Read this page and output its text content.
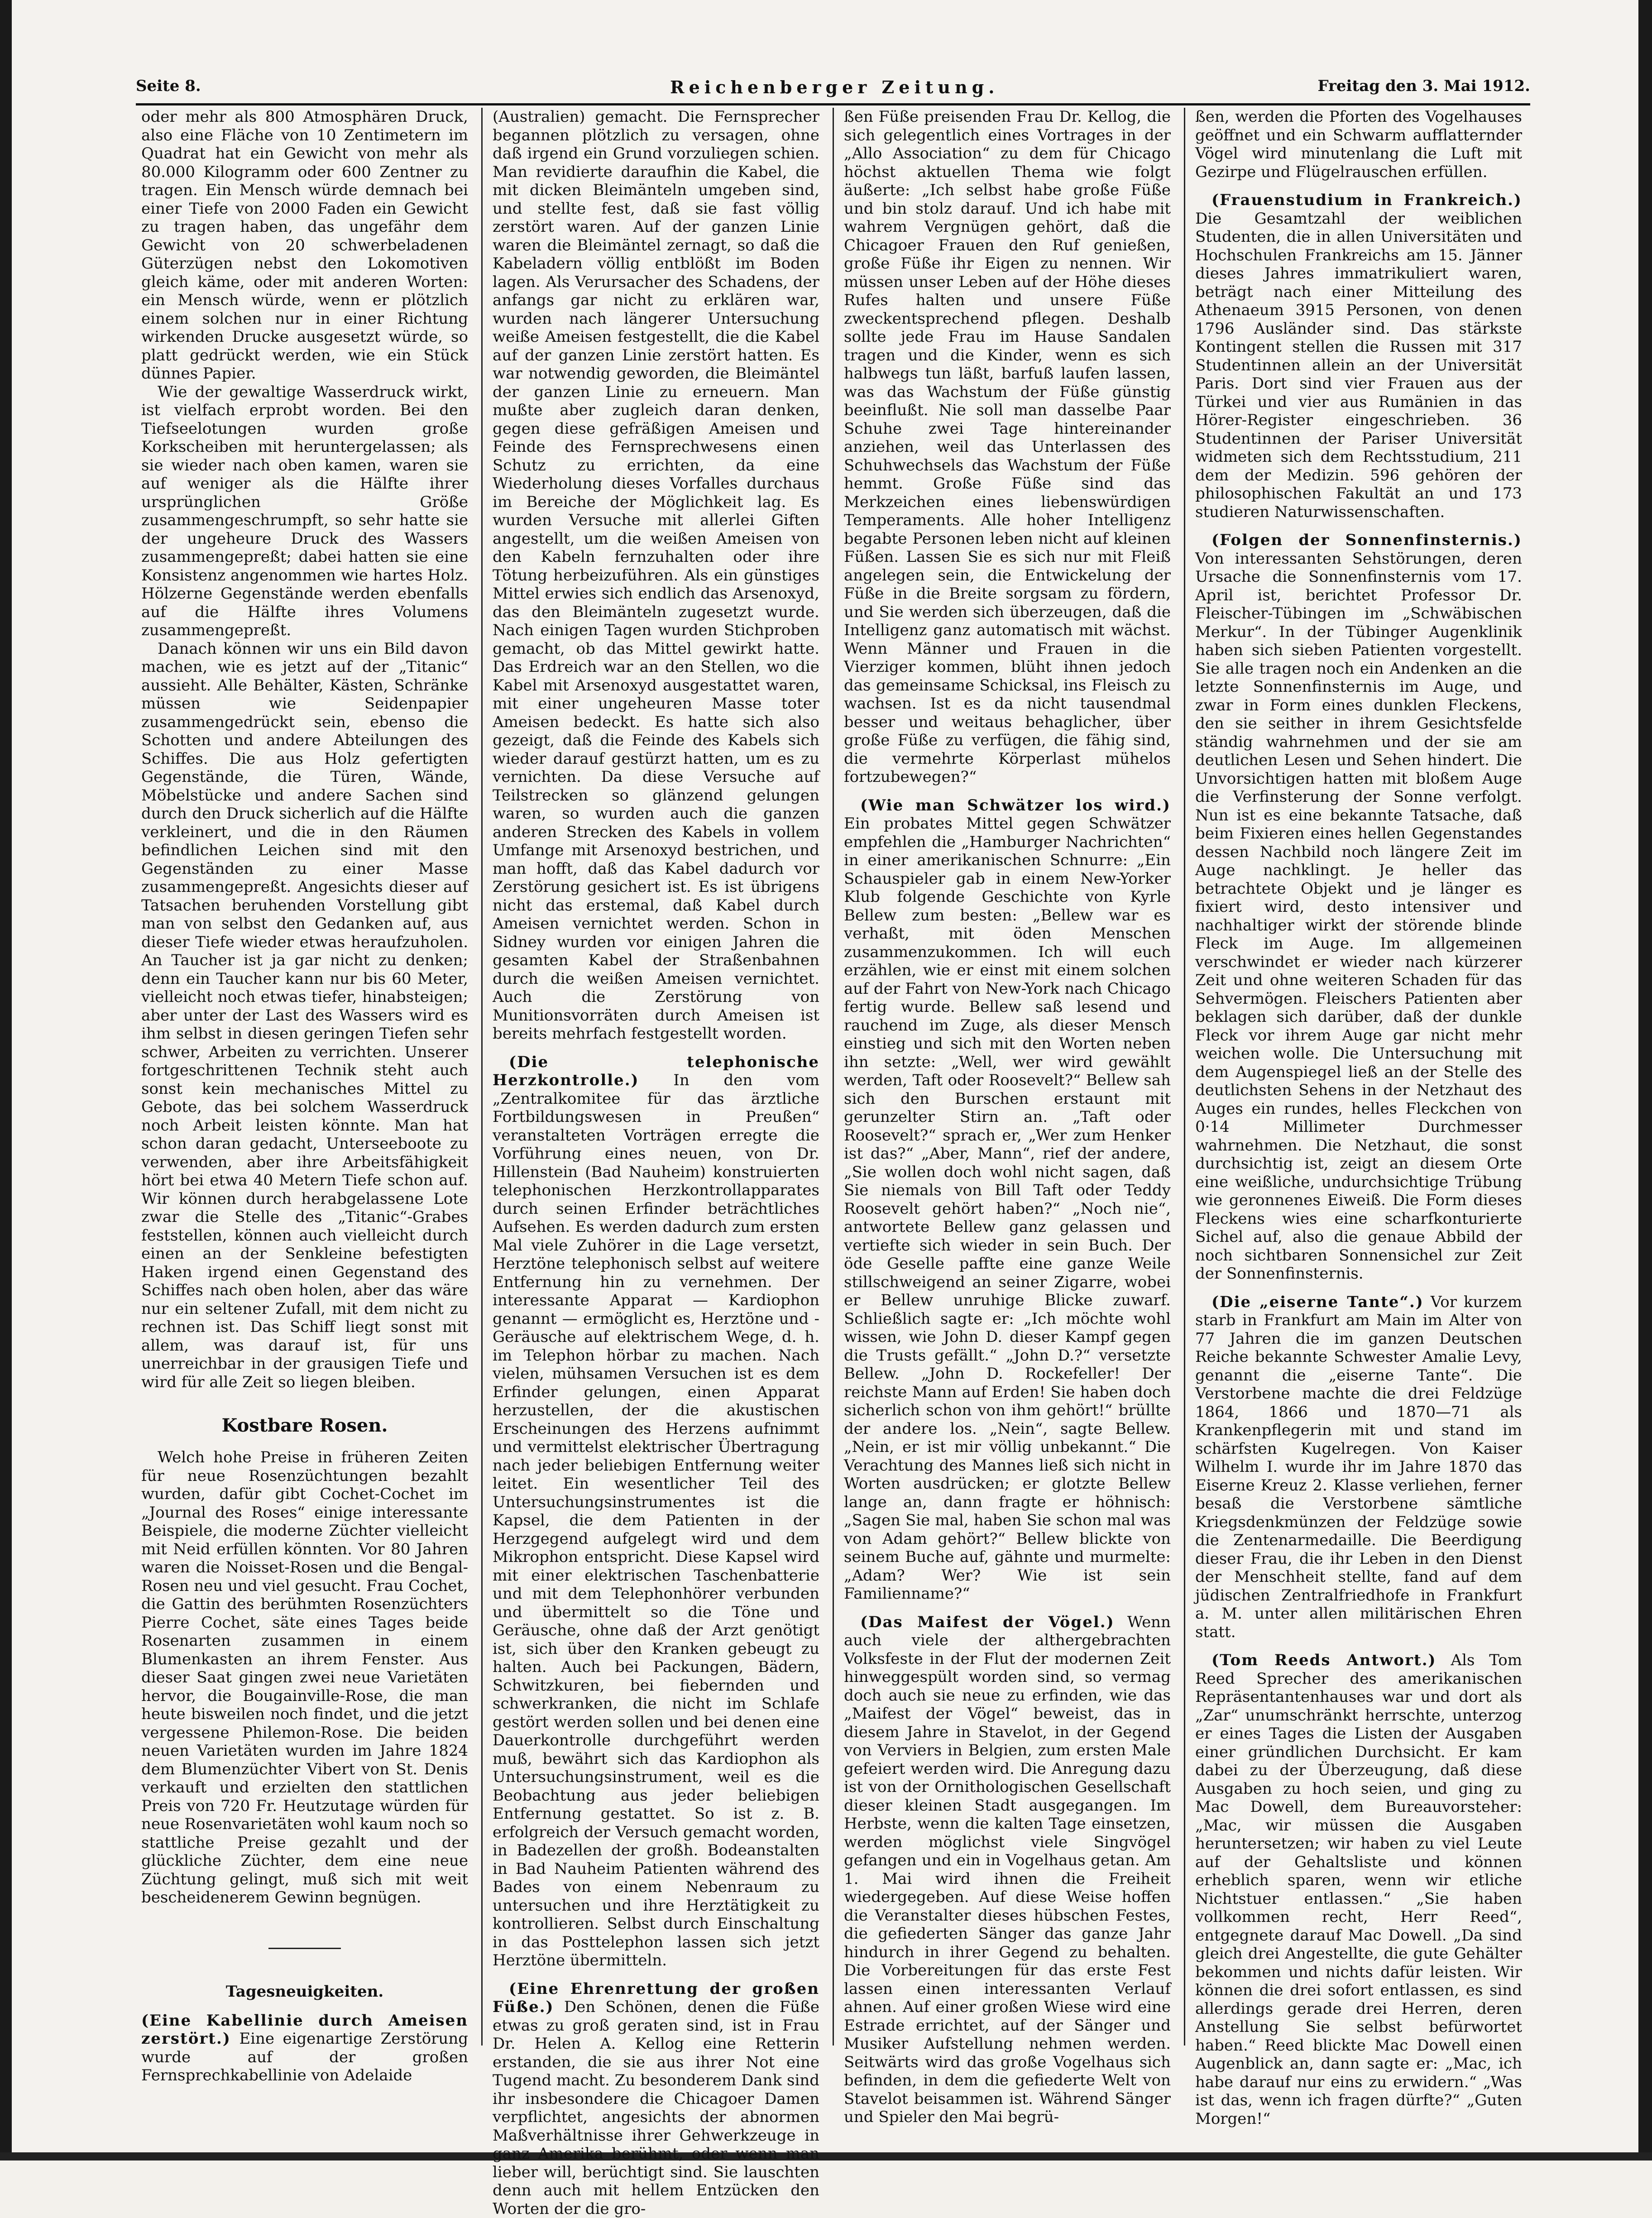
Seite 8.	Reichenberger Zeitung.	Freitag den 3. Mai 1912.

oder mehr als 800 Atmosphären Druck, also eine Fläche von 10 Zentimetern im Quadrat hat ein Gewicht von mehr als 80.000 Kilogramm oder 600 Zentner zu tragen. Ein Mensch würde demnach bei einer Tiefe von 2000 Faden ein Gewicht zu tragen haben, das ungefähr dem Gewicht von 20 schwerbeladenen Güterzügen nebst den Lokomotiven gleich käme, oder mit anderen Worten: ein Mensch würde, wenn er plötzlich einem solchen nur in einer Richtung wirkenden Drucke ausgesetzt würde, so platt gedrückt werden, wie ein Stück dünnes Papier.

Wie der gewaltige Wasserdruck wirkt, ist vielfach erprobt worden. Bei den Tiefseelotungen wurden große Korkscheiben mit heruntergelassen; als sie wieder nach oben kamen, waren sie auf weniger als die Hälfte ihrer ursprünglichen Größe zusammengeschrumpft, so sehr hatte sie der ungeheure Druck des Wassers zusammengepreßt; dabei hatten sie eine Konsistenz angenommen wie hartes Holz. Hölzerne Gegenstände werden ebenfalls auf die Hälfte ihres Volumens zusammengepreßt.

Danach können wir uns ein Bild davon machen, wie es jetzt auf der „Titanic“ aussieht. Alle Behälter, Kästen, Schränke müssen wie Seidenpapier zusammengedrückt sein, ebenso die Schotten und andere Abteilungen des Schiffes. Die aus Holz gefertigten Gegenstände, die Türen, Wände, Möbelstücke und andere Sachen sind durch den Druck sicherlich auf die Hälfte verkleinert, und die in den Räumen befindlichen Leichen sind mit den Gegenständen zu einer Masse zusammengepreßt. Angesichts dieser auf Tatsachen beruhenden Vorstellung gibt man von selbst den Gedanken auf, aus dieser Tiefe wieder etwas heraufzuholen. An Taucher ist ja gar nicht zu denken; denn ein Taucher kann nur bis 60 Meter, vielleicht noch etwas tiefer, hinabsteigen; aber unter der Last des Wassers wird es ihm selbst in diesen geringen Tiefen sehr schwer, Arbeiten zu verrichten. Unserer fortgeschrittenen Technik steht auch sonst kein mechanisches Mittel zu Gebote, das bei solchem Wasserdruck noch Arbeit leisten könnte. Man hat schon daran gedacht, Unterseeboote zu verwenden, aber ihre Arbeitsfähigkeit hört bei etwa 40 Metern Tiefe schon auf. Wir können durch herabgelassene Lote zwar die Stelle des „Titanic“-Grabes feststellen, können auch vielleicht durch einen an der Senkleine befestigten Haken irgend einen Gegenstand des Schiffes nach oben holen, aber das wäre nur ein seltener Zufall, mit dem nicht zu rechnen ist. Das Schiff liegt sonst mit allem, was darauf ist, für uns unerreichbar in der grausigen Tiefe und wird für alle Zeit so liegen bleiben.

Kostbare Rosen.

Welch hohe Preise in früheren Zeiten für neue Rosenzüchtungen bezahlt wurden, dafür gibt Cochet-Cochet im „Journal des Roses“ einige interessante Beispiele, die moderne Züchter vielleicht mit Neid erfüllen könnten. Vor 80 Jahren waren die Noisset-Rosen und die Bengal-Rosen neu und viel gesucht. Frau Cochet, die Gattin des berühmten Rosenzüchters Pierre Cochet, säte eines Tages beide Rosenarten zusammen in einem Blumenkasten an ihrem Fenster. Aus dieser Saat gingen zwei neue Varietäten hervor, die Bougainville-Rose, die man heute bisweilen noch findet, und die jetzt vergessene Philemon-Rose. Die beiden neuen Varietäten wurden im Jahre 1824 dem Blumenzüchter Vibert von St. Denis verkauft und erzielten den stattlichen Preis von 720 Fr. Heutzutage würden für neue Rosenvarietäten wohl kaum noch so stattliche Preise gezahlt und der glückliche Züchter, dem eine neue Züchtung gelingt, muß sich mit weit bescheidenerem Gewinn begnügen.

Tagesneuigkeiten.

(Eine Kabellinie durch Ameisen zerstört.) Eine eigenartige Zerstörung wurde auf der großen Fernsprechkabellinie von Adelaide

(Australien) gemacht. Die Fernsprecher begannen plötzlich zu versagen, ohne daß irgend ein Grund vorzuliegen schien. Man revidierte daraufhin die Kabel, die mit dicken Bleimänteln umgeben sind, und stellte fest, daß sie fast völlig zerstört waren. Auf der ganzen Linie waren die Bleimäntel zernagt, so daß die Kabeladern völlig entblößt im Boden lagen. Als Verursacher des Schadens, der anfangs gar nicht zu erklären war, wurden nach längerer Untersuchung weiße Ameisen festgestellt, die die Kabel auf der ganzen Linie zerstört hatten. Es war notwendig geworden, die Bleimäntel der ganzen Linie zu erneuern. Man mußte aber zugleich daran denken, gegen diese gefräßigen Ameisen und Feinde des Fernsprechwesens einen Schutz zu errichten, da eine Wiederholung dieses Vorfalles durchaus im Bereiche der Möglichkeit lag. Es wurden Versuche mit allerlei Giften angestellt, um die weißen Ameisen von den Kabeln fernzuhalten oder ihre Tötung herbeizuführen. Als ein günstiges Mittel erwies sich endlich das Arsenoxyd, das den Bleimänteln zugesetzt wurde. Nach einigen Tagen wurden Stichproben gemacht, ob das Mittel gewirkt hatte. Das Erdreich war an den Stellen, wo die Kabel mit Arsenoxyd ausgestattet waren, mit einer ungeheuren Masse toter Ameisen bedeckt. Es hatte sich also gezeigt, daß die Feinde des Kabels sich wieder darauf gestürzt hatten, um es zu vernichten. Da diese Versuche auf Teilstrecken so glänzend gelungen waren, so wurden auch die ganzen anderen Strecken des Kabels in vollem Umfange mit Arsenoxyd bestrichen, und man hofft, daß das Kabel dadurch vor Zerstörung gesichert ist. Es ist übrigens nicht das erstemal, daß Kabel durch Ameisen vernichtet werden. Schon in Sidney wurden vor einigen Jahren die gesamten Kabel der Straßenbahnen durch die weißen Ameisen vernichtet. Auch die Zerstörung von Munitionsvorräten durch Ameisen ist bereits mehrfach festgestellt worden.

(Die telephonische Herzkontrolle.) In den vom „Zentralkomitee für das ärztliche Fortbildungswesen in Preußen“ veranstalteten Vorträgen erregte die Vorführung eines neuen, von Dr. Hillenstein (Bad Nauheim) konstruierten telephonischen Herzkontrollapparates durch seinen Erfinder beträchtliches Aufsehen. Es werden dadurch zum ersten Mal viele Zuhörer in die Lage versetzt, Herztöne telephonisch selbst auf weitere Entfernung hin zu vernehmen. Der interessante Apparat — Kardiophon genannt — ermöglicht es, Herztöne und -Geräusche auf elektrischem Wege, d. h. im Telephon hörbar zu machen. Nach vielen, mühsamen Versuchen ist es dem Erfinder gelungen, einen Apparat herzustellen, der die akustischen Erscheinungen des Herzens aufnimmt und vermittelst elektrischer Übertragung nach jeder beliebigen Entfernung weiter leitet. Ein wesentlicher Teil des Untersuchungsinstrumentes ist die Kapsel, die dem Patienten in der Herzgegend aufgelegt wird und dem Mikrophon entspricht. Diese Kapsel wird mit einer elektrischen Taschenbatterie und mit dem Telephonhörer verbunden und übermittelt so die Töne und Geräusche, ohne daß der Arzt genötigt ist, sich über den Kranken gebeugt zu halten. Auch bei Packungen, Bädern, Schwitzkuren, bei fiebernden und schwerkranken, die nicht im Schlafe gestört werden sollen und bei denen eine Dauerkontrolle durchgeführt werden muß, bewährt sich das Kardiophon als Untersuchungsinstrument, weil es die Beobachtung aus jeder beliebigen Entfernung gestattet. So ist z. B. erfolgreich der Versuch gemacht worden, in Badezellen der großh. Bodeanstalten in Bad Nauheim Patienten während des Bades von einem Nebenraum zu untersuchen und ihre Herztätigkeit zu kontrollieren. Selbst durch Einschaltung in das Posttelephon lassen sich jetzt Herztöne übermitteln.

(Eine Ehrenrettung der großen Füße.) Den Schönen, denen die Füße etwas zu groß geraten sind, ist in Frau Dr. Helen A. Kellog eine Retterin erstanden, die sie aus ihrer Not eine Tugend macht. Zu besonderem Dank sind ihr insbesondere die Chicagoer Damen verpflichtet, angesichts der abnormen Maßverhältnisse ihrer Gehwerkzeuge in ganz Amerika berühmt, oder wenn man lieber will, berüchtigt sind. Sie lauschten denn auch mit hellem Entzücken den Worten der die gro-

ßen Füße preisenden Frau Dr. Kellog, die sich gelegentlich eines Vortrages in der „Allo Association“ zu dem für Chicago höchst aktuellen Thema wie folgt äußerte: „Ich selbst habe große Füße und bin stolz darauf. Und ich habe mit wahrem Vergnügen gehört, daß die Chicagoer Frauen den Ruf genießen, große Füße ihr Eigen zu nennen. Wir müssen unser Leben auf der Höhe dieses Rufes halten und unsere Füße zweckentsprechend pflegen. Deshalb sollte jede Frau im Hause Sandalen tragen und die Kinder, wenn es sich halbwegs tun läßt, barfuß laufen lassen, was das Wachstum der Füße günstig beeinflußt. Nie soll man dasselbe Paar Schuhe zwei Tage hintereinander anziehen, weil das Unterlassen des Schuhwechsels das Wachstum der Füße hemmt. Große Füße sind das Merkzeichen eines liebenswürdigen Temperaments. Alle hoher Intelligenz begabte Personen leben nicht auf kleinen Füßen. Lassen Sie es sich nur mit Fleiß angelegen sein, die Entwickelung der Füße in die Breite sorgsam zu fördern, und Sie werden sich überzeugen, daß die Intelligenz ganz automatisch mit wächst. Wenn Männer und Frauen in die Vierziger kommen, blüht ihnen jedoch das gemeinsame Schicksal, ins Fleisch zu wachsen. Ist es da nicht tausendmal besser und weitaus behaglicher, über große Füße zu verfügen, die fähig sind, die vermehrte Körperlast mühelos fortzubewegen?“

(Wie man Schwätzer los wird.) Ein probates Mittel gegen Schwätzer empfehlen die „Hamburger Nachrichten“ in einer amerikanischen Schnurre: „Ein Schauspieler gab in einem New-Yorker Klub folgende Geschichte von Kyrle Bellew zum besten: „Bellew war es verhaßt, mit öden Menschen zusammenzukommen. Ich will euch erzählen, wie er einst mit einem solchen auf der Fahrt von New-York nach Chicago fertig wurde. Bellew saß lesend und rauchend im Zuge, als dieser Mensch einstieg und sich mit den Worten neben ihn setzte: „Well, wer wird gewählt werden, Taft oder Roosevelt?“ Bellew sah sich den Burschen erstaunt mit gerunzelter Stirn an. „Taft oder Roosevelt?“ sprach er, „Wer zum Henker ist das?“ „Aber, Mann“, rief der andere, „Sie wollen doch wohl nicht sagen, daß Sie niemals von Bill Taft oder Teddy Roosevelt gehört haben?“ „Noch nie“, antwortete Bellew ganz gelassen und vertiefte sich wieder in sein Buch. Der öde Geselle paffte eine ganze Weile stillschweigend an seiner Zigarre, wobei er Bellew unruhige Blicke zuwarf. Schließlich sagte er: „Ich möchte wohl wissen, wie John D. dieser Kampf gegen die Trusts gefällt.“ „John D.?“ versetzte Bellew. „John D. Rockefeller! Der reichste Mann auf Erden! Sie haben doch sicherlich schon von ihm gehört!“ brüllte der andere los. „Nein“, sagte Bellew. „Nein, er ist mir völlig unbekannt.“ Die Verachtung des Mannes ließ sich nicht in Worten ausdrücken; er glotzte Bellew lange an, dann fragte er höhnisch: „Sagen Sie mal, haben Sie schon mal was von Adam gehört?“ Bellew blickte von seinem Buche auf, gähnte und murmelte: „Adam? Wer? Wie ist sein Familienname?“

(Das Maifest der Vögel.) Wenn auch viele der althergebrachten Volksfeste in der Flut der modernen Zeit hinweggespült worden sind, so vermag doch auch sie neue zu erfinden, wie das „Maifest der Vögel“ beweist, das in diesem Jahre in Stavelot, in der Gegend von Verviers in Belgien, zum ersten Male gefeiert werden wird. Die Anregung dazu ist von der Ornithologischen Gesellschaft dieser kleinen Stadt ausgegangen. Im Herbste, wenn die kalten Tage einsetzen, werden möglichst viele Singvögel gefangen und ein in Vogelhaus getan. Am 1. Mai wird ihnen die Freiheit wiedergegeben. Auf diese Weise hoffen die Veranstalter dieses hübschen Festes, die gefiederten Sänger das ganze Jahr hindurch in ihrer Gegend zu behalten. Die Vorbereitungen für das erste Fest lassen einen interessanten Verlauf ahnen. Auf einer großen Wiese wird eine Estrade errichtet, auf der Sänger und Musiker Aufstellung nehmen werden. Seitwärts wird das große Vogelhaus sich befinden, in dem die gefiederte Welt von Stavelot beisammen ist. Während Sänger und Spieler den Mai begrü-

ßen, werden die Pforten des Vogelhauses geöffnet und ein Schwarm aufflatternder Vögel wird minutenlang die Luft mit Gezirpe und Flügelrauschen erfüllen.

(Frauenstudium in Frankreich.) Die Gesamtzahl der weiblichen Studenten, die in allen Universitäten und Hochschulen Frankreichs am 15. Jänner dieses Jahres immatrikuliert waren, beträgt nach einer Mitteilung des Athenaeum 3915 Personen, von denen 1796 Ausländer sind. Das stärkste Kontingent stellen die Russen mit 317 Studentinnen allein an der Universität Paris. Dort sind vier Frauen aus der Türkei und vier aus Rumänien in das Hörer-Register eingeschrieben. 36 Studentinnen der Pariser Universität widmeten sich dem Rechtsstudium, 211 dem der Medizin. 596 gehören der philosophischen Fakultät an und 173 studieren Naturwissenschaften.

(Folgen der Sonnenfinsternis.) Von interessanten Sehstörungen, deren Ursache die Sonnenfinsternis vom 17. April ist, berichtet Professor Dr. Fleischer-Tübingen im „Schwäbischen Merkur“. In der Tübinger Augenklinik haben sich sieben Patienten vorgestellt. Sie alle tragen noch ein Andenken an die letzte Sonnenfinsternis im Auge, und zwar in Form eines dunklen Fleckens, den sie seither in ihrem Gesichtsfelde ständig wahrnehmen und der sie am deutlichen Lesen und Sehen hindert. Die Unvorsichtigen hatten mit bloßem Auge die Verfinsterung der Sonne verfolgt. Nun ist es eine bekannte Tatsache, daß beim Fixieren eines hellen Gegenstandes dessen Nachbild noch längere Zeit im Auge nachklingt. Je heller das betrachtete Objekt und je länger es fixiert wird, desto intensiver und nachhaltiger wirkt der störende blinde Fleck im Auge. Im allgemeinen verschwindet er wieder nach kürzerer Zeit und ohne weiteren Schaden für das Sehvermögen. Fleischers Patienten aber beklagen sich darüber, daß der dunkle Fleck vor ihrem Auge gar nicht mehr weichen wolle. Die Untersuchung mit dem Augenspiegel ließ an der Stelle des deutlichsten Sehens in der Netzhaut des Auges ein rundes, helles Fleckchen von 0·14 Millimeter Durchmesser wahrnehmen. Die Netzhaut, die sonst durchsichtig ist, zeigt an diesem Orte eine weißliche, undurchsichtige Trübung wie geronnenes Eiweiß. Die Form dieses Fleckens wies eine scharfkonturierte Sichel auf, also die genaue Abbild der noch sichtbaren Sonnensichel zur Zeit der Sonnenfinsternis.

(Die „eiserne Tante“.) Vor kurzem starb in Frankfurt am Main im Alter von 77 Jahren die im ganzen Deutschen Reiche bekannte Schwester Amalie Levy, genannt die „eiserne Tante“. Die Verstorbene machte die drei Feldzüge 1864, 1866 und 1870—71 als Krankenpflegerin mit und stand im schärfsten Kugelregen. Von Kaiser Wilhelm I. wurde ihr im Jahre 1870 das Eiserne Kreuz 2. Klasse verliehen, ferner besaß die Verstorbene sämtliche Kriegsdenkmünzen der Feldzüge sowie die Zentenarmedaille. Die Beerdigung dieser Frau, die ihr Leben in den Dienst der Menschheit stellte, fand auf dem jüdischen Zentralfriedhofe in Frankfurt a. M. unter allen militärischen Ehren statt.

(Tom Reeds Antwort.) Als Tom Reed Sprecher des amerikanischen Repräsentantenhauses war und dort als „Zar“ unumschränkt herrschte, unterzog er eines Tages die Listen der Ausgaben einer gründlichen Durchsicht. Er kam dabei zu der Überzeugung, daß diese Ausgaben zu hoch seien, und ging zu Mac Dowell, dem Bureauvorsteher: „Mac, wir müssen die Ausgaben heruntersetzen; wir haben zu viel Leute auf der Gehaltsliste und können erheblich sparen, wenn wir etliche Nichtstuer entlassen.“ „Sie haben vollkommen recht, Herr Reed“, entgegnete darauf Mac Dowell. „Da sind gleich drei Angestellte, die gute Gehälter bekommen und nichts dafür leisten. Wir können die drei sofort entlassen, es sind allerdings gerade drei Herren, deren Anstellung Sie selbst befürwortet haben.“ Reed blickte Mac Dowell einen Augenblick an, dann sagte er: „Mac, ich habe darauf nur eins zu erwidern.“ „Was ist das, wenn ich fragen dürfte?“ „Guten Morgen!“
